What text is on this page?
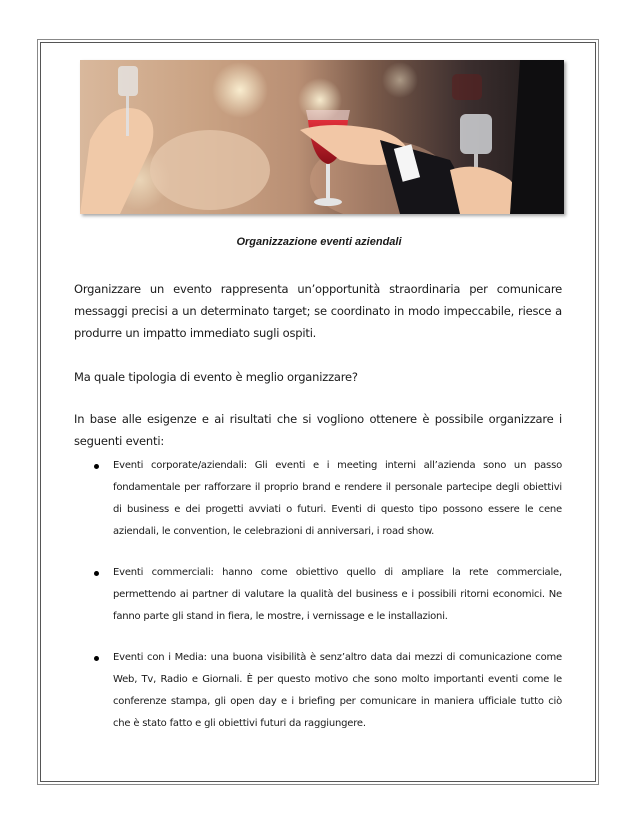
Organizzazione eventi aziendali

Organizzare un evento rappresenta un’opportunità straordinaria per comunicare messaggi precisi a un determinato target; se coordinato in modo impeccabile, riesce a produrre un impatto immediato sugli ospiti.

Ma quale tipologia di evento è meglio organizzare?

In base alle esigenze e ai risultati che si vogliono ottenere è possibile organizzare i seguenti eventi:

Eventi corporate/aziendali: Gli eventi e i meeting interni all’azienda sono un passo fondamentale per rafforzare il proprio brand e rendere il personale partecipe degli obiettivi di business e dei progetti avviati o futuri. Eventi di questo tipo possono essere le cene aziendali, le convention, le celebrazioni di anniversari, i road show.
Eventi commerciali: hanno come obiettivo quello di ampliare la rete commerciale, permettendo ai partner di valutare la qualità del business e i possibili ritorni economici. Ne fanno parte gli stand in fiera, le mostre, i vernissage e le installazioni.
Eventi con i Media: una buona visibilità è senz’altro data dai mezzi di comunicazione come Web, Tv, Radio e Giornali. È per questo motivo che sono molto importanti eventi come le conferenze stampa, gli open day e i briefing per comunicare in maniera ufficiale tutto ciò che è stato fatto e gli obiettivi futuri da raggiungere.
